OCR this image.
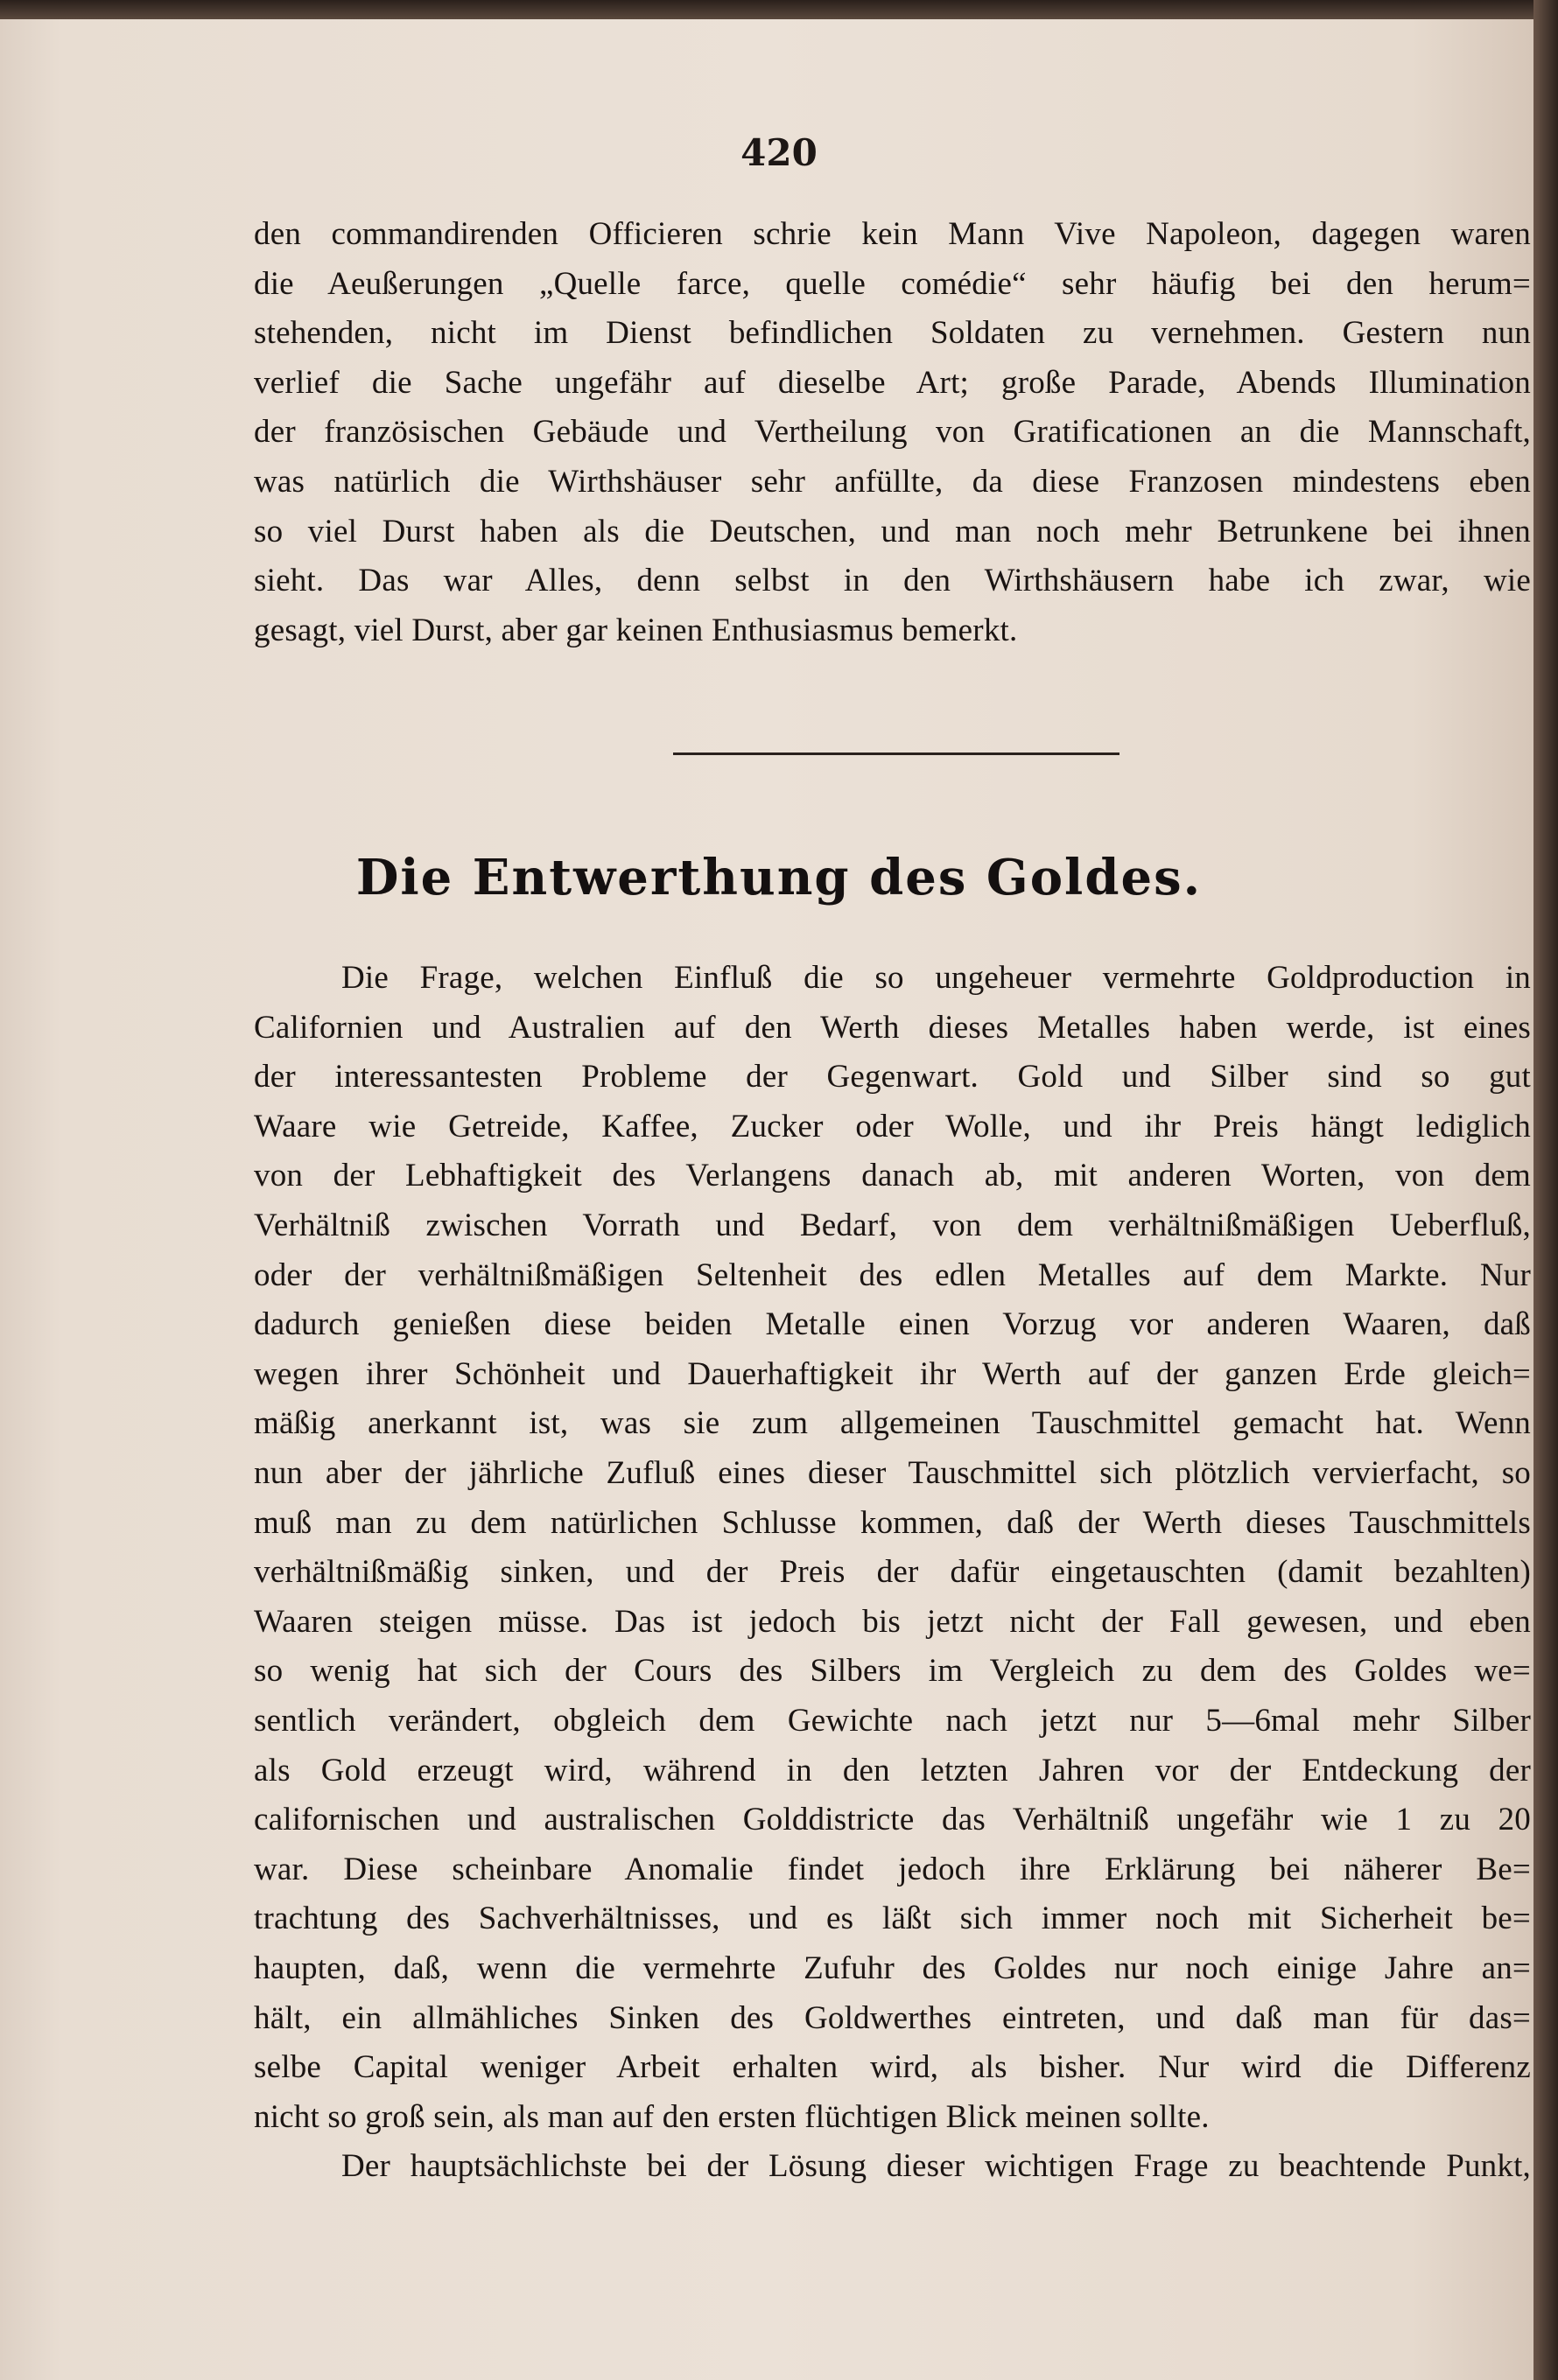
420
den commandirenden Officieren schrie kein Mann Vive Napoleon, dagegen waren
die Aeußerungen „Quelle farce, quelle comédie“ sehr häufig bei den herum=
stehenden, nicht im Dienst befindlichen Soldaten zu vernehmen. Gestern nun
verlief die Sache ungefähr auf dieselbe Art; große Parade, Abends Illumination
der französischen Gebäude und Vertheilung von Gratificationen an die Mannschaft,
was natürlich die Wirthshäuser sehr anfüllte, da diese Franzosen mindestens eben
so viel Durst haben als die Deutschen, und man noch mehr Betrunkene bei ihnen
sieht. Das war Alles, denn selbst in den Wirthshäusern habe ich zwar, wie
gesagt, viel Durst, aber gar keinen Enthusiasmus bemerkt.
Die Entwerthung des Goldes.
Die Frage, welchen Einfluß die so ungeheuer vermehrte Goldproduction in
Californien und Australien auf den Werth dieses Metalles haben werde, ist eines
der interessantesten Probleme der Gegenwart. Gold und Silber sind so gut
Waare wie Getreide, Kaffee, Zucker oder Wolle, und ihr Preis hängt lediglich
von der Lebhaftigkeit des Verlangens danach ab, mit anderen Worten, von dem
Verhältniß zwischen Vorrath und Bedarf, von dem verhältnißmäßigen Ueberfluß,
oder der verhältnißmäßigen Seltenheit des edlen Metalles auf dem Markte. Nur
dadurch genießen diese beiden Metalle einen Vorzug vor anderen Waaren, daß
wegen ihrer Schönheit und Dauerhaftigkeit ihr Werth auf der ganzen Erde gleich=
mäßig anerkannt ist, was sie zum allgemeinen Tauschmittel gemacht hat. Wenn
nun aber der jährliche Zufluß eines dieser Tauschmittel sich plötzlich vervierfacht, so
muß man zu dem natürlichen Schlusse kommen, daß der Werth dieses Tauschmittels
verhältnißmäßig sinken, und der Preis der dafür eingetauschten (damit bezahlten)
Waaren steigen müsse. Das ist jedoch bis jetzt nicht der Fall gewesen, und eben
so wenig hat sich der Cours des Silbers im Vergleich zu dem des Goldes we=
sentlich verändert, obgleich dem Gewichte nach jetzt nur 5—6mal mehr Silber
als Gold erzeugt wird, während in den letzten Jahren vor der Entdeckung der
californischen und australischen Golddistricte das Verhältniß ungefähr wie 1 zu 20
war. Diese scheinbare Anomalie findet jedoch ihre Erklärung bei näherer Be=
trachtung des Sachverhältnisses, und es läßt sich immer noch mit Sicherheit be=
haupten, daß, wenn die vermehrte Zufuhr des Goldes nur noch einige Jahre an=
hält, ein allmähliches Sinken des Goldwerthes eintreten, und daß man für das=
selbe Capital weniger Arbeit erhalten wird, als bisher. Nur wird die Differenz
nicht so groß sein, als man auf den ersten flüchtigen Blick meinen sollte.
Der hauptsächlichste bei der Lösung dieser wichtigen Frage zu beachtende Punkt,
